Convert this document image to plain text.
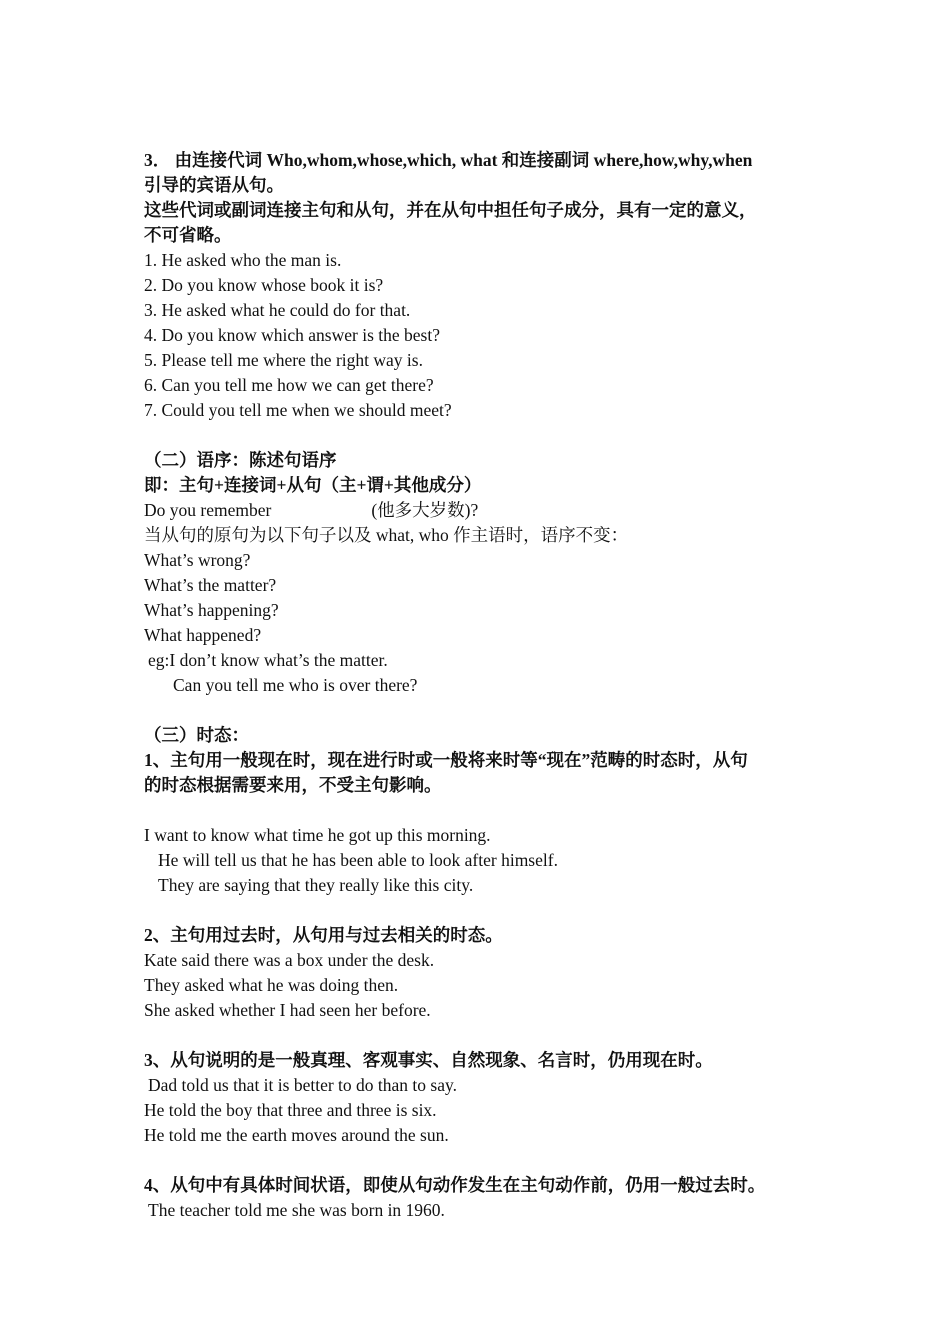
3． 由连接代词 Who,whom,whose,which, what 和连接副词 where,how,why,when
引导的宾语从句。
这些代词或副词连接主句和从句，并在从句中担任句子成分，具有一定的意义，
不可省略。
1. He asked who the man is.
2. Do you know whose book it is?
3. He asked what he could do for that.
4. Do you know which answer is the best?
5. Please tell me where the right way is.
6. Can you tell me how we can get there?
7. Could you tell me when we should meet?
（二）语序：陈述句语序
即：主句+连接词+从句（主+谓+其他成分）
Do you remember	(他多大岁数)?
当从句的原句为以下句子以及 what, who 作主语时，语序不变：
What’s wrong?
What’s the matter?
What’s happening?
What happened?
eg:I don’t know what’s the matter.
Can you tell me who is over there?
（三）时态：
1、主句用一般现在时，现在进行时或一般将来时等“现在”范畴的时态时，从句
的时态根据需要来用，不受主句影响。
I want to know what time he got up this morning.
He will tell us that he has been able to look after himself.
They are saying that they really like this city.
2、主句用过去时，从句用与过去相关的时态。
Kate said there was a box under the desk.
They asked what he was doing then.
She asked whether I had seen her before.
3、从句说明的是一般真理、客观事实、自然现象、名言时，仍用现在时。
Dad told us that it is better to do than to say.
He told the boy that three and three is six.
He told me the earth moves around the sun.
4、从句中有具体时间状语，即使从句动作发生在主句动作前，仍用一般过去时。
The teacher told me she was born in 1960.
